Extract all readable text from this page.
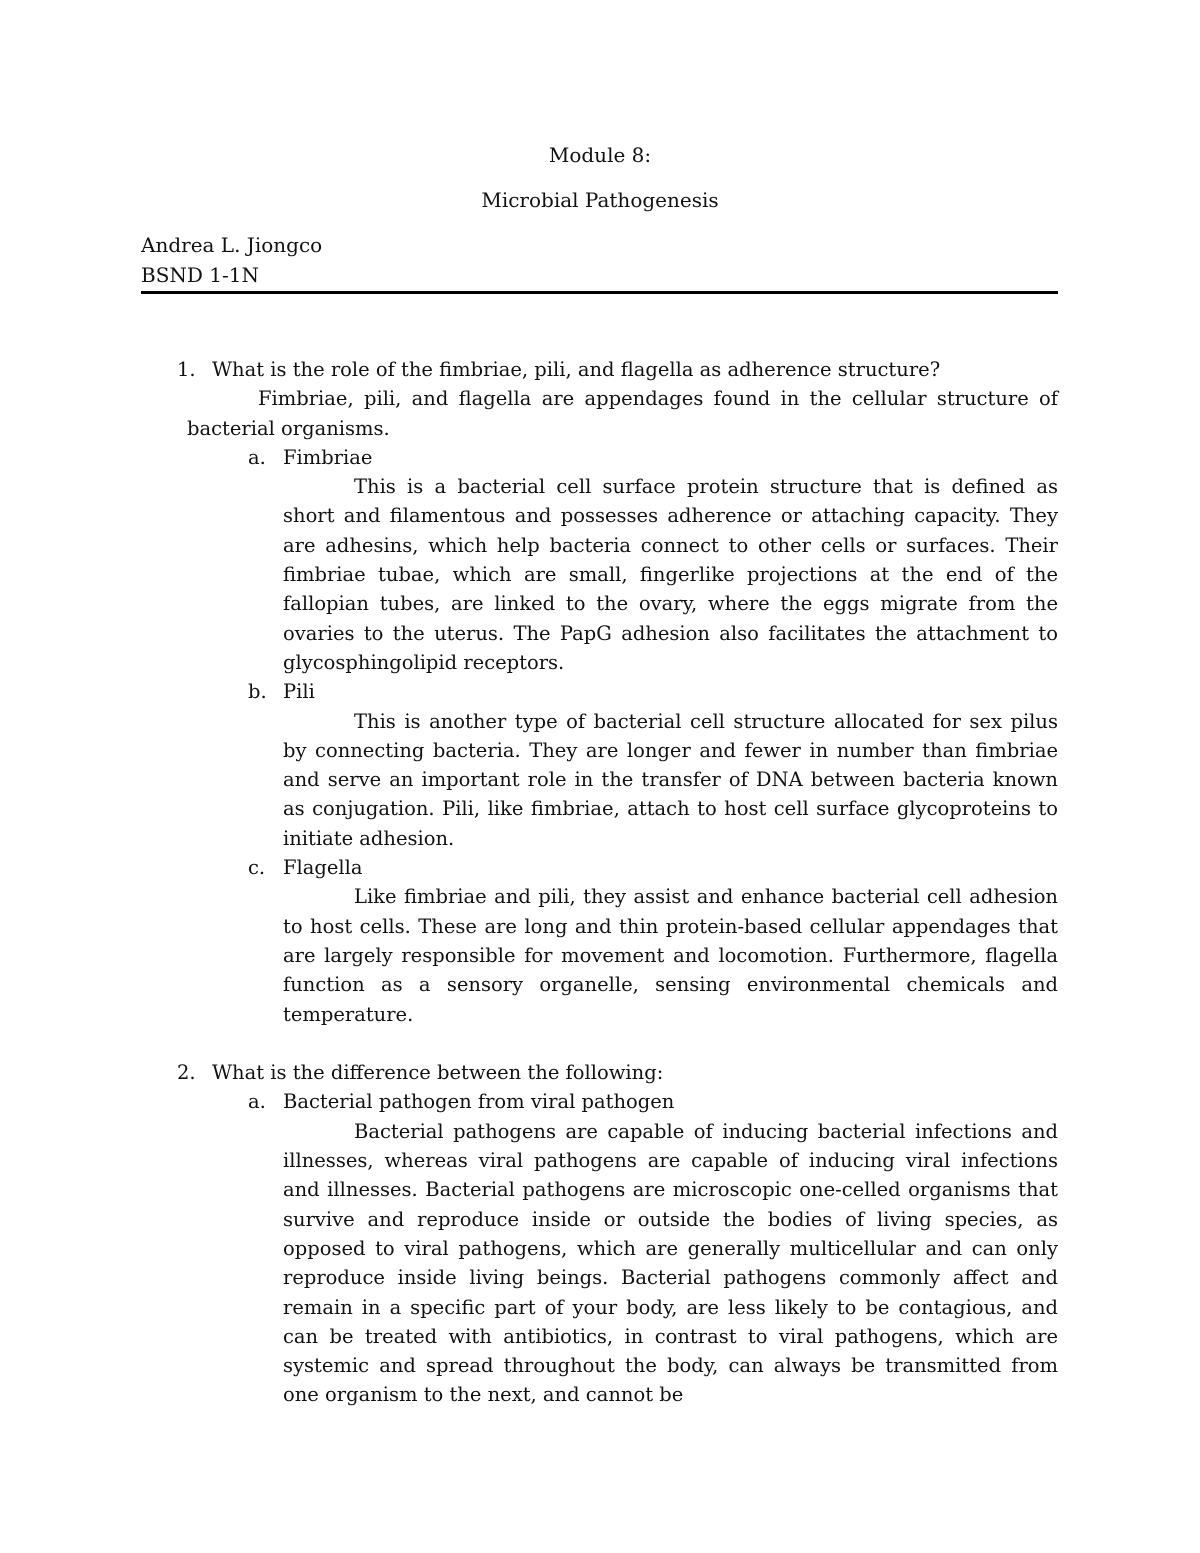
Module 8:
Microbial Pathogenesis
Andrea L. Jiongco
BSND 1-1N
1. What is the role of the fimbriae, pili, and flagella as adherence structure?
Fimbriae, pili, and flagella are appendages found in the cellular structure of bacterial organisms.
a. Fimbriae
This is a bacterial cell surface protein structure that is defined as short and filamentous and possesses adherence or attaching capacity. They are adhesins, which help bacteria connect to other cells or surfaces. Their fimbriae tubae, which are small, fingerlike projections at the end of the fallopian tubes, are linked to the ovary, where the eggs migrate from the ovaries to the uterus. The PapG adhesion also facilitates the attachment to glycosphingolipid receptors.
b. Pili
This is another type of bacterial cell structure allocated for sex pilus by connecting bacteria. They are longer and fewer in number than fimbriae and serve an important role in the transfer of DNA between bacteria known as conjugation. Pili, like fimbriae, attach to host cell surface glycoproteins to initiate adhesion.
c. Flagella
Like fimbriae and pili, they assist and enhance bacterial cell adhesion to host cells. These are long and thin protein-based cellular appendages that are largely responsible for movement and locomotion. Furthermore, flagella function as a sensory organelle, sensing environmental chemicals and temperature.
2. What is the difference between the following:
a. Bacterial pathogen from viral pathogen
Bacterial pathogens are capable of inducing bacterial infections and illnesses, whereas viral pathogens are capable of inducing viral infections and illnesses. Bacterial pathogens are microscopic one-celled organisms that survive and reproduce inside or outside the bodies of living species, as opposed to viral pathogens, which are generally multicellular and can only reproduce inside living beings. Bacterial pathogens commonly affect and remain in a specific part of your body, are less likely to be contagious, and can be treated with antibiotics, in contrast to viral pathogens, which are systemic and spread throughout the body, can always be transmitted from one organism to the next, and cannot be
